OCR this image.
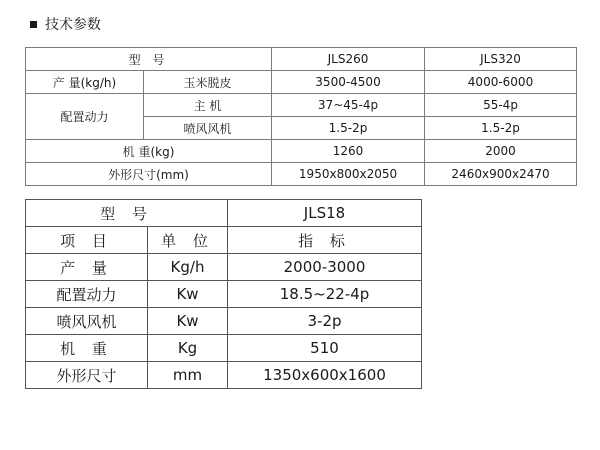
技术参数
型 号		JLS260	JLS320
产 量(kg/h)	玉米脱皮	3500-4500	4000-6000
配置动力	主 机	37~45-4p	55-4p
	喷风风机	1.5-2p	1.5-2p
机 重(kg)		1260	2000
外形尺寸(mm)		1950x800x2050	2460x900x2470
型 号		JLS18
项 目	单 位	指 标
产 量	Kg/h	2000-3000
配置动力	Kw	18.5~22-4p
喷风风机	Kw	3-2p
机 重	Kg	510
外形尺寸	mm	1350x600x1600
